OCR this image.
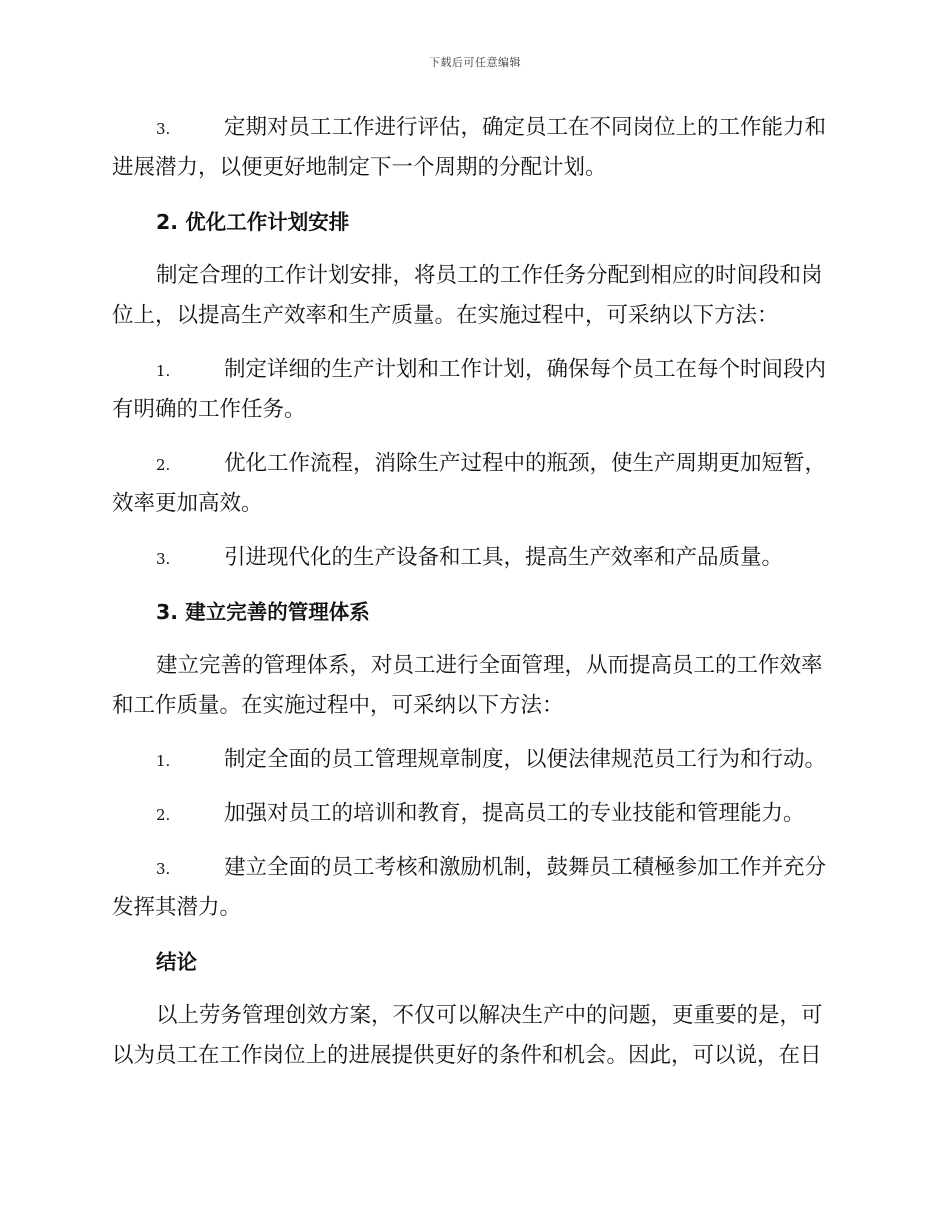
下载后可任意编辑
3.	定期对员工工作进行评估，确定员工在不同岗位上的工作能力和
进展潜力，以便更好地制定下一个周期的分配计划。
2. 优化工作计划安排
制定合理的工作计划安排，将员工的工作任务分配到相应的时间段和岗
位上，以提高生产效率和生产质量。在实施过程中，可采纳以下方法：
1.	制定详细的生产计划和工作计划，确保每个员工在每个时间段内
有明确的工作任务。
2.	优化工作流程，消除生产过程中的瓶颈，使生产周期更加短暂，
效率更加高效。
3.	引进现代化的生产设备和工具，提高生产效率和产品质量。
3. 建立完善的管理体系
建立完善的管理体系，对员工进行全面管理，从而提高员工的工作效率
和工作质量。在实施过程中，可采纳以下方法：
1.	制定全面的员工管理规章制度，以便法律规范员工行为和行动。
2.	加强对员工的培训和教育，提高员工的专业技能和管理能力。
3.	建立全面的员工考核和激励机制，鼓舞员工積極参加工作并充分
发挥其潜力。
结论
以上劳务管理创效方案，不仅可以解决生产中的问题，更重要的是，可
以为员工在工作岗位上的进展提供更好的条件和机会。因此，可以说，在日
